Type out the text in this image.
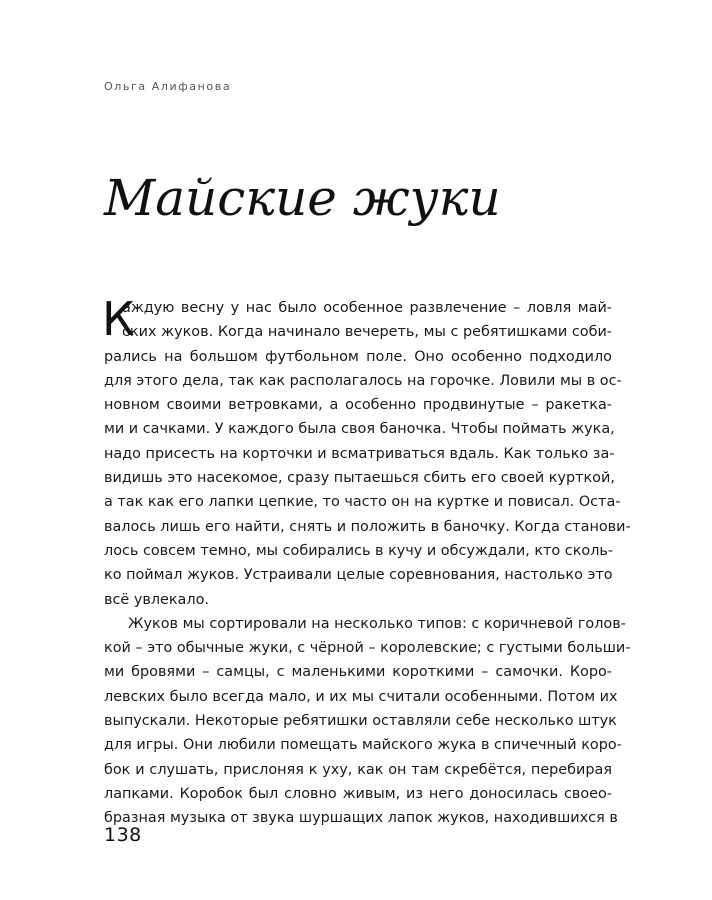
Ольга Алифанова
Майские жуки
К
аждую весну у нас было особенное развлечение – ловля май-
ских жуков. Когда начинало вечереть, мы с ребятишками соби-
рались на большом футбольном поле. Оно особенно подходило
для этого дела, так как располагалось на горочке. Ловили мы в ос-
новном своими ветровками, а особенно продвинутые – ракетка-
ми и сачками. У каждого была своя баночка. Чтобы поймать жука,
надо присесть на корточки и всматриваться вдаль. Как только за-
видишь это насекомое, сразу пытаешься сбить его своей курткой,
а так как его лапки цепкие, то часто он на куртке и повисал. Оста-
валось лишь его найти, снять и положить в баночку. Когда станови-
лось совсем темно, мы собирались в кучу и обсуждали, кто сколь-
ко поймал жуков. Устраивали целые соревнования, настолько это
всё увлекало.
Жуков мы сортировали на несколько типов: с коричневой голов-
кой – это обычные жуки, с чёрной – королевские; с густыми больши-
ми бровями – самцы, с маленькими короткими – самочки. Коро-
левских было всегда мало, и их мы считали особенными. Потом их
выпускали. Некоторые ребятишки оставляли себе несколько штук
для игры. Они любили помещать майского жука в спичечный коро-
бок и слушать, прислоняя к уху, как он там скребётся, перебирая
лапками. Коробок был словно живым, из него доносилась своео-
бразная музыка от звука шуршащих лапок жуков, находившихся в
138
